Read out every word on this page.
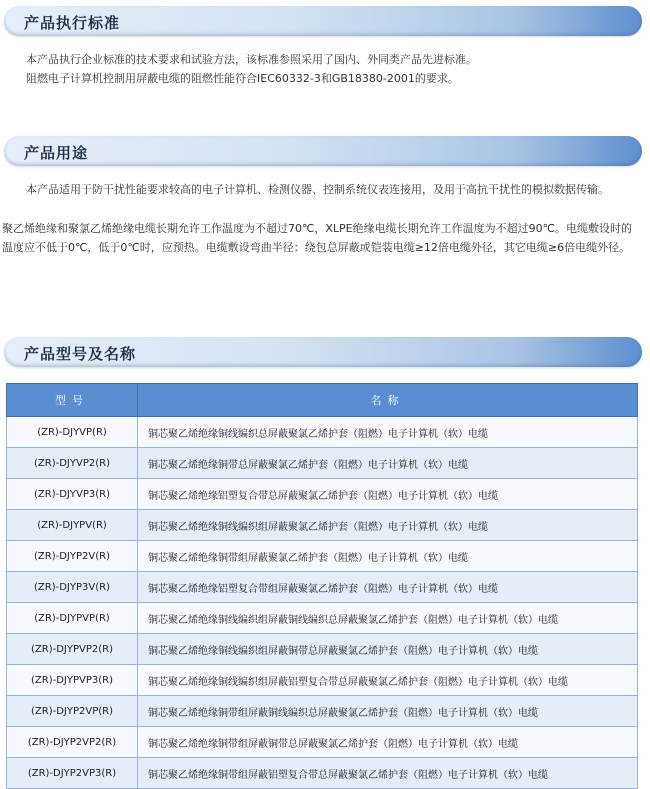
产品执行标准

本产品执行企业标准的技术要求和试验方法，该标准参照采用了国内、外同类产品先进标准。

阻燃电子计算机控制用屏蔽电缆的阻燃性能符合IEC60332-3和GB18380-2001的要求。

产品用途

本产品适用于防干扰性能要求较高的电子计算机、检测仪器、控制系统仪表连接用，及用于高抗干扰性的模拟数据传输。

聚乙烯绝缘和聚氯乙烯绝缘电缆长期允许工作温度为不超过70℃，XLPE绝缘电缆长期允许工作温度为不超过90℃。电缆敷设时的温度应不低于0℃，低于0℃时，应预热。电缆敷设弯曲半径：绕包总屏蔽或铠装电缆≥12倍电缆外径，其它电缆≥6倍电缆外径。

产品型号及名称
型号	名称
(ZR)-DJYVP(R)	铜芯聚乙烯绝缘铜线编织总屏蔽聚氯乙烯护套（阻燃）电子计算机（软）电缆
(ZR)-DJYVP2(R)	铜芯聚乙烯绝缘铜带总屏蔽聚氯乙烯护套（阻燃）电子计算机（软）电缆
(ZR)-DJYVP3(R)	铜芯聚乙烯绝缘铝塑复合带总屏蔽聚氯乙烯护套（阻燃）电子计算机（软）电缆
(ZR)-DJYPV(R)	铜芯聚乙烯绝缘铜线编织组屏蔽聚氯乙烯护套（阻燃）电子计算机（软）电缆
(ZR)-DJYP2V(R)	铜芯聚乙烯绝缘铜带组屏蔽聚氯乙烯护套（阻燃）电子计算机（软）电缆
(ZR)-DJYP3V(R)	铜芯聚乙烯绝缘铝塑复合带组屏蔽聚氯乙烯护套（阻燃）电子计算机（软）电缆
(ZR)-DJYPVP(R)	铜芯聚乙烯绝缘铜线编织组屏蔽铜线编织总屏蔽聚氯乙烯护套（阻燃）电子计算机（软）电缆
(ZR)-DJYPVP2(R)	铜芯聚乙烯绝缘铜线编织组屏蔽铜带总屏蔽聚氯乙烯护套（阻燃）电子计算机（软）电缆
(ZR)-DJYPVP3(R)	铜芯聚乙烯绝缘铜线编织组屏蔽铝塑复合带总屏蔽聚氯乙烯护套（阻燃）电子计算机（软）电缆
(ZR)-DJYP2VP(R)	铜芯聚乙烯绝缘铜带组屏蔽铜线编织总屏蔽聚氯乙烯护套（阻燃）电子计算机（软）电缆
(ZR)-DJYP2VP2(R)	铜芯聚乙烯绝缘铜带组屏蔽铜带总屏蔽聚氯乙烯护套（阻燃）电子计算机（软）电缆
(ZR)-DJYP2VP3(R)	铜芯聚乙烯绝缘铜带组屏蔽铝塑复合带总屏蔽聚氯乙烯护套（阻燃）电子计算机（软）电缆
